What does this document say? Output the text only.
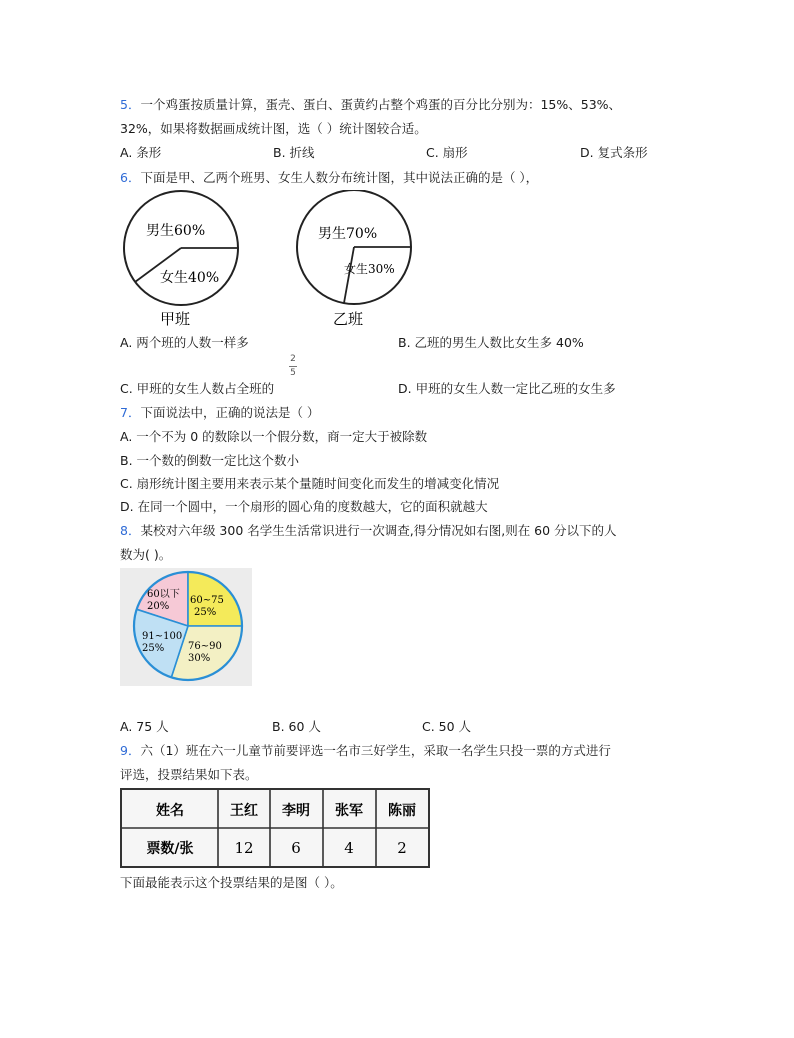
5．一个鸡蛋按质量计算，蛋壳、蛋白、蛋黄约占整个鸡蛋的百分比分别为：15%、53%、
32%，如果将数据画成统计图，选（ ）统计图较合适。
A. 条形	B. 折线	C. 扇形	D. 复式条形
6．下面是甲、乙两个班男、女生人数分布统计图，其中说法正确的是（ ），
男生60%
女生40%
甲班
男生70%
女生30%
乙班
A. 两个班的人数一样多	B. 乙班的男生人数比女生多 40%
C. 甲班的女生人数占全班的
$\frac{2}{5}$
D. 甲班的女生人数一定比乙班的女生多
7．下面说法中，正确的说法是（ ）
A. 一个不为 0 的数除以一个假分数，商一定大于被除数
B. 一个数的倒数一定比这个数小
C. 扇形统计图主要用来表示某个量随时间变化而发生的增减变化情况
D. 在同一个圆中，一个扇形的圆心角的度数越大，它的面积就越大
8．某校对六年级 300 名学生生活常识进行一次调查,得分情况如右图,则在 60 分以下的人
数为( )。
60以下
20%
60~75
25%
76~90
30%
91~100
25%
A. 75 人	B. 60 人	C. 50 人
9．六（1）班在六一儿童节前要评选一名市三好学生，采取一名学生只投一票的方式进行
评选，投票结果如下表。
姓名	王红 李明 张军 陈丽
票数/张	12	6	4	2
下面最能表示这个投票结果的是图（ ）。
